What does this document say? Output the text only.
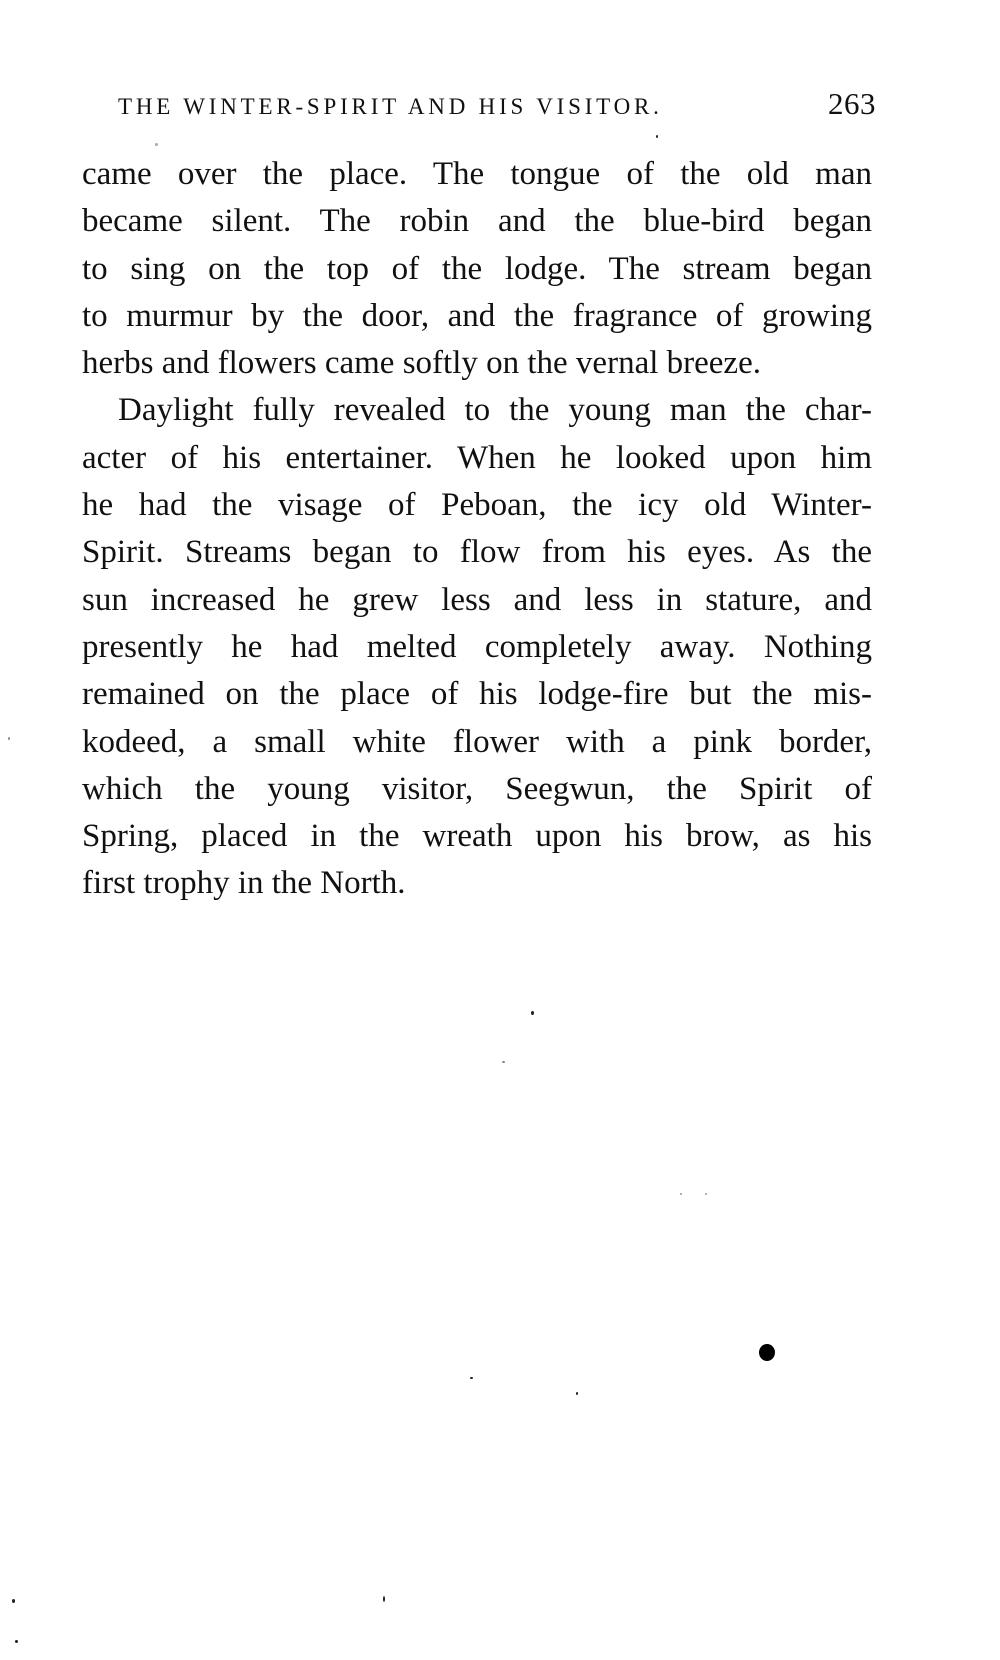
THE WINTER-SPIRIT AND HIS VISITOR.	263

came over the place. The tongue of the old man
became silent. The robin and the blue-bird began
to sing on the top of the lodge. The stream began
to murmur by the door, and the fragrance of growing
herbs and flowers came softly on the vernal breeze.

Daylight fully revealed to the young man the char-
acter of his entertainer. When he looked upon him
he had the visage of Peboan, the icy old Winter-
Spirit. Streams began to flow from his eyes. As the
sun increased he grew less and less in stature, and
presently he had melted completely away. Nothing
remained on the place of his lodge-fire but the mis-
kodeed, a small white flower with a pink border,
which the young visitor, Seegwun, the Spirit of
Spring, placed in the wreath upon his brow, as his
first trophy in the North.
